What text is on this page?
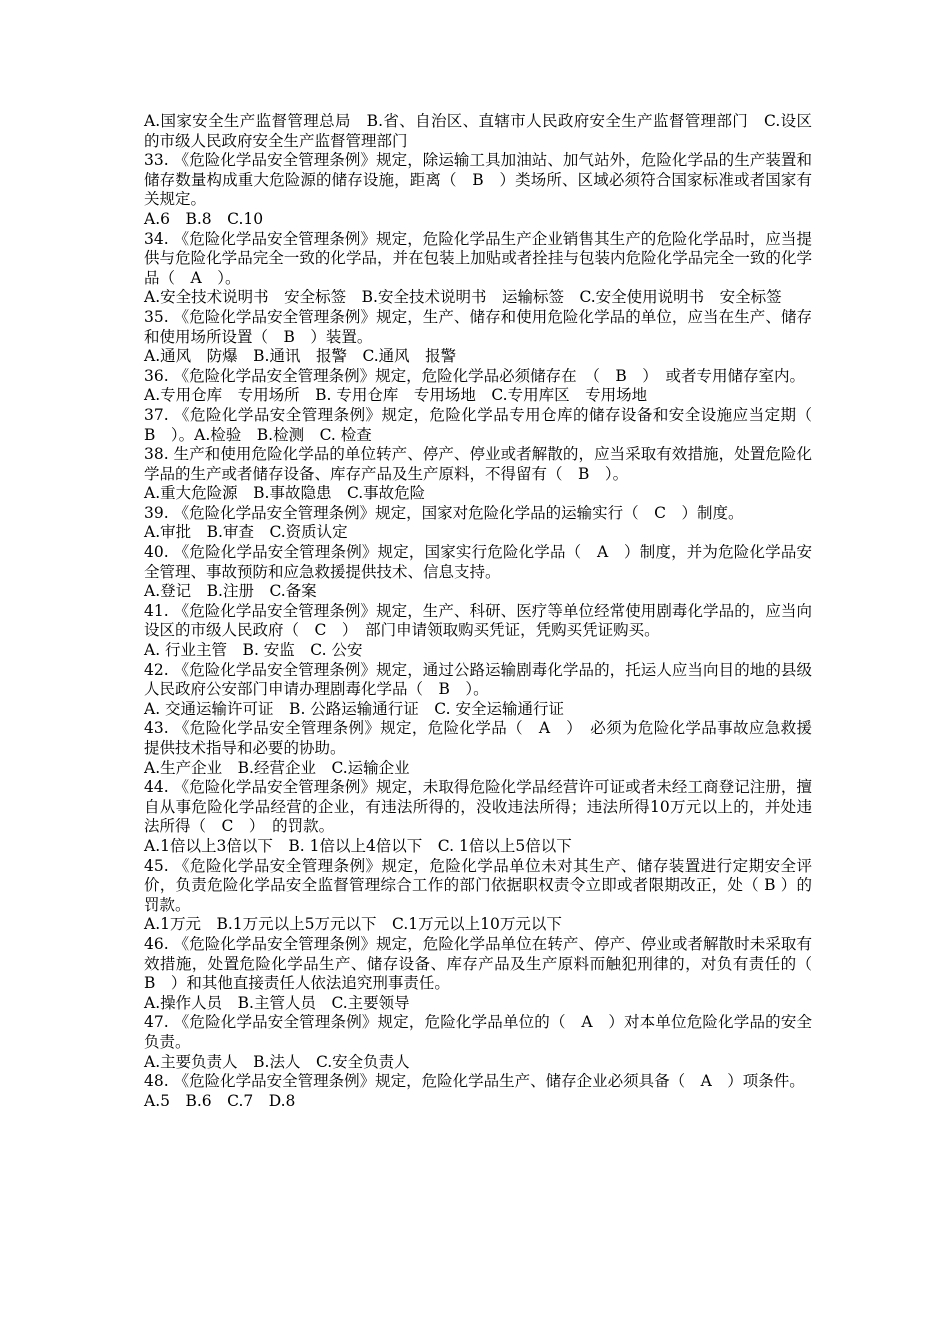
A.国家安全生产监督管理总局　B.省、自治区、直辖市人民政府安全生产监督管理部门　C.设区的市级人民政府安全生产监督管理部门
33. 《危险化学品安全管理条例》规定，除运输工具加油站、加气站外，危险化学品的生产装置和储存数量构成重大危险源的储存设施，距离（　B　）类场所、区域必须符合国家标准或者国家有关规定。
A.6　B.8　C.10
34. 《危险化学品安全管理条例》规定，危险化学品生产企业销售其生产的危险化学品时，应当提供与危险化学品完全一致的化学品，并在包装上加贴或者拴挂与包装内危险化学品完全一致的化学品（　A　）。
A.安全技术说明书　安全标签　B.安全技术说明书　运输标签　C.安全使用说明书　安全标签
35. 《危险化学品安全管理条例》规定，生产、储存和使用危险化学品的单位，应当在生产、储存和使用场所设置（　B　）装置。
A.通风　防爆　B.通讯　报警　C.通风　报警
36. 《危险化学品安全管理条例》规定，危险化学品必须储存在　（　B　）　或者专用储存室内。
A.专用仓库　专用场所　B. 专用仓库　专用场地　C.专用库区　专用场地
37. 《危险化学品安全管理条例》规定，危险化学品专用仓库的储存设备和安全设施应当定期（　B　）。A.检验　B.检测　C. 检查
38. 生产和使用危险化学品的单位转产、停产、停业或者解散的，应当采取有效措施，处置危险化学品的生产或者储存设备、库存产品及生产原料，不得留有（　B　）。
A.重大危险源　B.事故隐患　C.事故危险
39. 《危险化学品安全管理条例》规定，国家对危险化学品的运输实行（　C　）制度。
A.审批　B.审查　C.资质认定
40. 《危险化学品安全管理条例》规定，国家实行危险化学品（　A　）制度，并为危险化学品安全管理、事故预防和应急救援提供技术、信息支持。
A.登记　B.注册　C.备案
41. 《危险化学品安全管理条例》规定，生产、科研、医疗等单位经常使用剧毒化学品的，应当向设区的市级人民政府（　C　）　部门申请领取购买凭证，凭购买凭证购买。
A. 行业主管　B. 安监　C. 公安
42. 《危险化学品安全管理条例》规定，通过公路运输剧毒化学品的，托运人应当向目的地的县级人民政府公安部门申请办理剧毒化学品（　B　）。
A. 交通运输许可证　B. 公路运输通行证　C. 安全运输通行证
43. 《危险化学品安全管理条例》规定，危险化学品（　A　）　必须为危险化学品事故应急救援提供技术指导和必要的协助。
A.生产企业　B.经营企业　C.运输企业
44. 《危险化学品安全管理条例》规定，未取得危险化学品经营许可证或者未经工商登记注册，擅自从事危险化学品经营的企业，有违法所得的，没收违法所得；违法所得10万元以上的，并处违法所得（　C　）　的罚款。
A.1倍以上3倍以下　B. 1倍以上4倍以下　C. 1倍以上5倍以下
45. 《危险化学品安全管理条例》规定，危险化学品单位未对其生产、储存装置进行定期安全评价，负责危险化学品安全监督管理综合工作的部门依据职权责令立即或者限期改正，处（ B ）的罚款。
A.1万元　B.1万元以上5万元以下　C.1万元以上10万元以下
46. 《危险化学品安全管理条例》规定，危险化学品单位在转产、停产、停业或者解散时未采取有效措施，处置危险化学品生产、储存设备、库存产品及生产原料而触犯刑律的，对负有责任的（　B　）和其他直接责任人依法追究刑事责任。
A.操作人员　B.主管人员　C.主要领导
47. 《危险化学品安全管理条例》规定，危险化学品单位的（　A　）对本单位危险化学品的安全负责。
A.主要负责人　B.法人　C.安全负责人
48. 《危险化学品安全管理条例》规定，危险化学品生产、储存企业必须具备（　A　）项条件。
A.5　B.6　C.7　D.8
